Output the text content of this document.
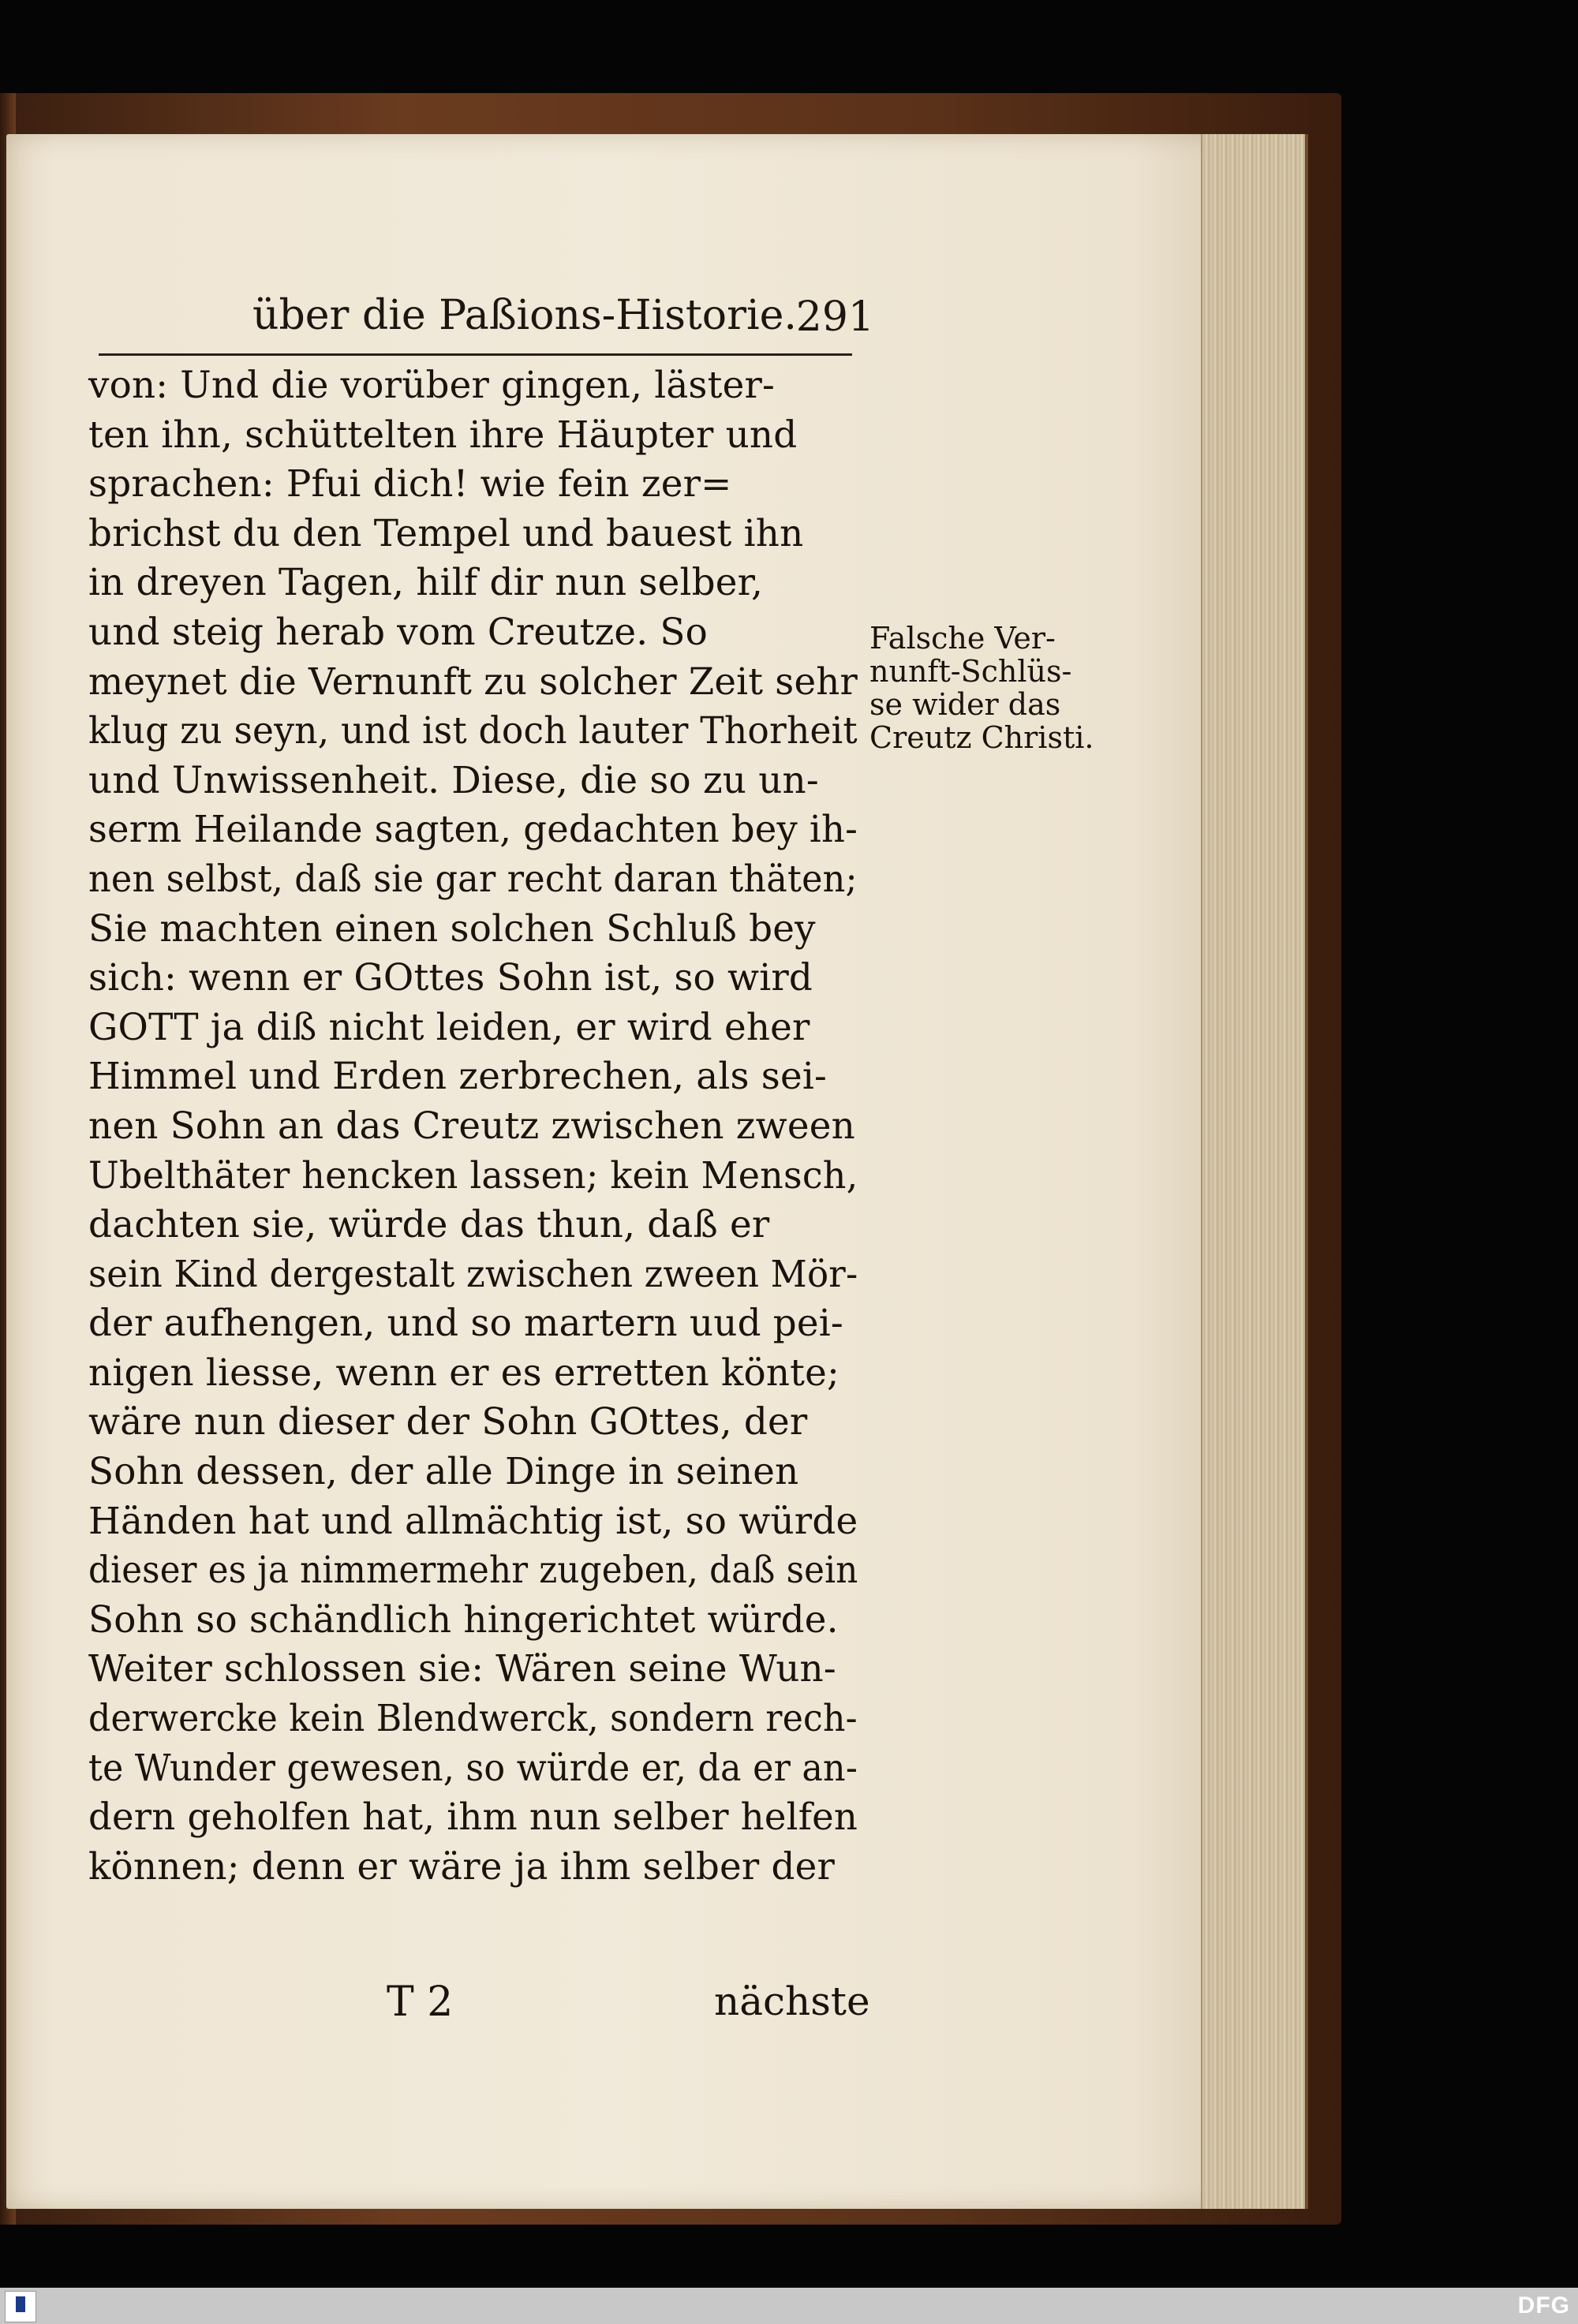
über die Paßions-Historie.
291
von: Und die vorüber gingen, läster-
ten ihn, schüttelten ihre Häupter und
sprachen: Pfui dich! wie fein zer=
brichst du den Tempel und bauest ihn
in dreyen Tagen, hilf dir nun selber,
und steig herab vom Creutze. So
meynet die Vernunft zu solcher Zeit sehr
klug zu seyn, und ist doch lauter Thorheit
und Unwissenheit. Diese, die so zu un-
serm Heilande sagten, gedachten bey ih-
nen selbst, daß sie gar recht daran thäten;
Sie machten einen solchen Schluß bey
sich: wenn er GOttes Sohn ist, so wird
GOTT ja diß nicht leiden, er wird eher
Himmel und Erden zerbrechen, als sei-
nen Sohn an das Creutz zwischen zween
Ubelthäter hencken lassen; kein Mensch,
dachten sie, würde das thun, daß er
sein Kind dergestalt zwischen zween Mör-
der aufhengen, und so martern uud pei-
nigen liesse, wenn er es erretten könte;
wäre nun dieser der Sohn GOttes, der
Sohn dessen, der alle Dinge in seinen
Händen hat und allmächtig ist, so würde
dieser es ja nimmermehr zugeben, daß sein
Sohn so schändlich hingerichtet würde.
Weiter schlossen sie: Wären seine Wun-
derwercke kein Blendwerck, sondern rech-
te Wunder gewesen, so würde er, da er an-
dern geholfen hat, ihm nun selber helfen
können; denn er wäre ja ihm selber der
Falsche Ver-
nunft-Schlüs-
se wider das
Creutz Christi.

T 2	nächste
DFG
